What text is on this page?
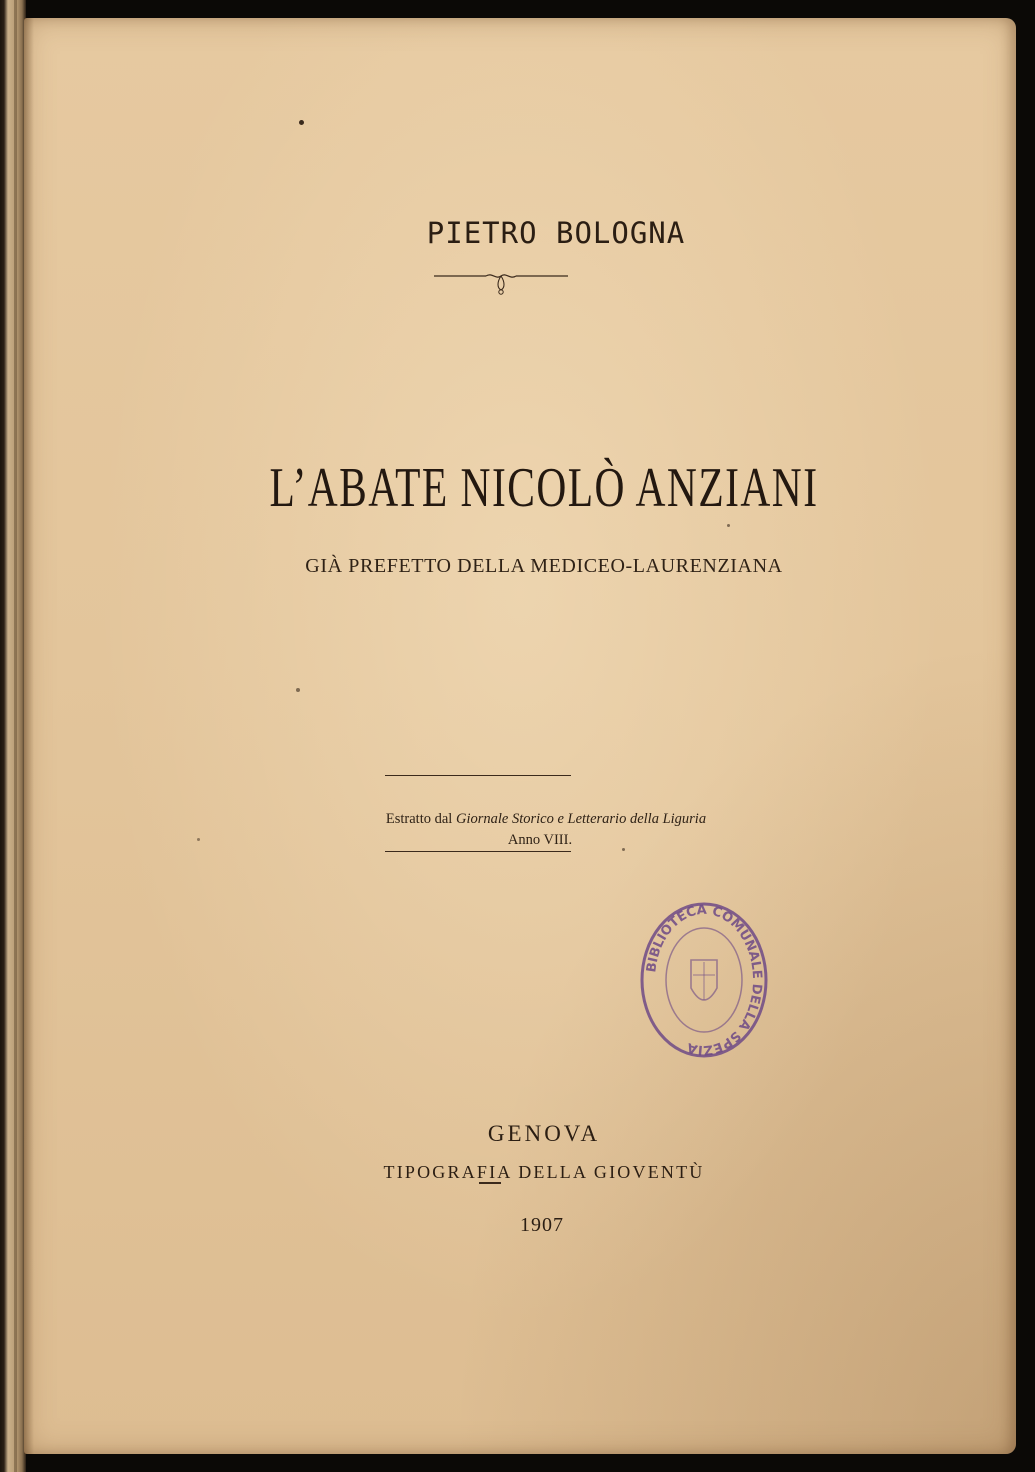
PIETRO BOLOGNA
L’ABATE NICOLÒ ANZIANI
GIÀ PREFETTO DELLA MEDICEO-LAURENZIANA
Estratto dal Giornale Storico e Letterario della Liguria
Anno VIII.
BIBLIOTECA COMUNALE DELLA SPEZIA
GENOVA
TIPOGRAFIA DELLA GIOVENTÙ
1907
